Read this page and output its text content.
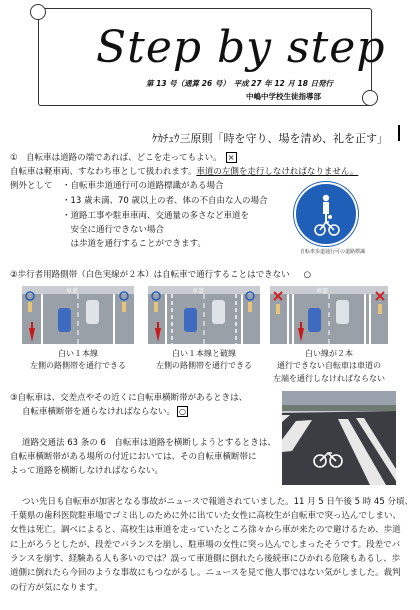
Step by step
第 13 号（通算 26 号）　平成 27 年 12 月 18 日発行
中嶋中学校生徒指導部
ｹｶﾁｭｳ三原則「時を守り、場を清め、礼を正す」
①　自転車は道路の端であれば、どこを走ってもよい。 ×
自転車は軽車両、すなわち車として扱われます。車道の左側を走行しなければなりません。
例外として ・自転車歩道通行可の道路標識がある場合
・13 歳未満、70 歳以上の者、体の不自由な人の場合
・道路工事や駐車車両、交通量の多さなど車道を
　安全に通行できない場合
　は歩道を通行することができます。
自転車歩道通行可の道路標識
②歩行者用路側帯（白色実線が２本）は自転車で通行することはできない ○
車道
白い１本線
左側の路側帯を通行できる
車道
白い１本線と破線
左側の路側帯を通行できる
車道
白い線が２本
通行できない自転車は車道の
左端を通行しなければならない
③自転車は、交差点やその近くに自転車横断帯があるときは、
自転車横断帯を通らなければならない。 ○
道路交通法 63 条の 6　自転車は道路を横断しようとするときは、
自転車横断帯がある場所の付近においては、その自転車横断帯に
よって道路を横断しなければならない。
つい先日も自転車が加害となる事故がニュースで報道されていました。11 月 5 日午後 5 時 45 分頃、
千葉県の歯科医院駐車場でゴミ出しのために外に出ていた女性に高校生が自転車で突っ込んでしまい、
女性は死亡。調べによると、高校生は車道を走っていたところ徐々から車が来たので避けるため、歩道
に上がろうとしたが、段差でバランスを崩し、駐車場の女性に突っ込んでしまったそうです。段差でバ
ランスを崩す、経験ある人も多いのでは？誤って車道側に倒れたら後続車にひかれる危険もあるし、歩
道側に倒れたら今回のような事故にもつながるし。ニュースを見て他人事ではない気がしました。裁判
の行方が気になります。
